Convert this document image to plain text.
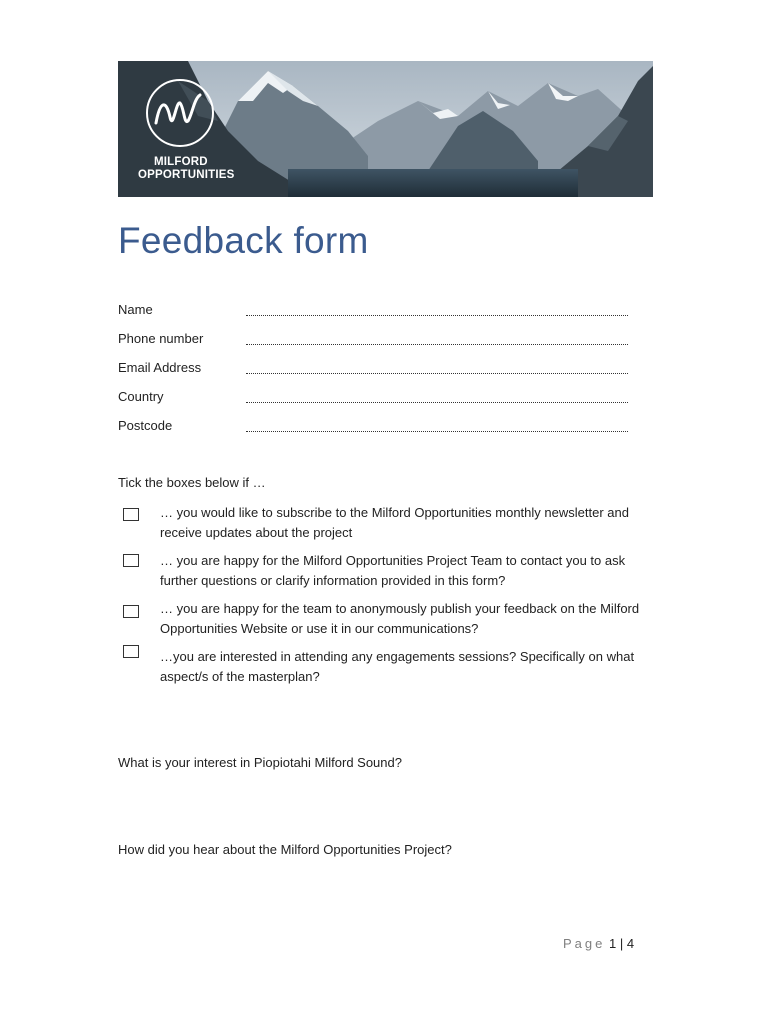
MILFORD
OPPORTUNITIES
Feedback form
Name
Phone number
Email Address
Country
Postcode
Tick the boxes below if …
… you would like to subscribe to the Milford Opportunities monthly newsletter and receive updates about the project
… you are happy for the Milford Opportunities Project Team to contact you to ask further questions or clarify information provided in this form?
… you are happy for the team to anonymously publish your feedback on the Milford Opportunities Website or use it in our communications?
…you are interested in attending any engagements sessions? Specifically on what aspect/s of the masterplan?
What is your interest in Piopiotahi Milford Sound?
How did you hear about the Milford Opportunities Project?
Page 1 | 4
